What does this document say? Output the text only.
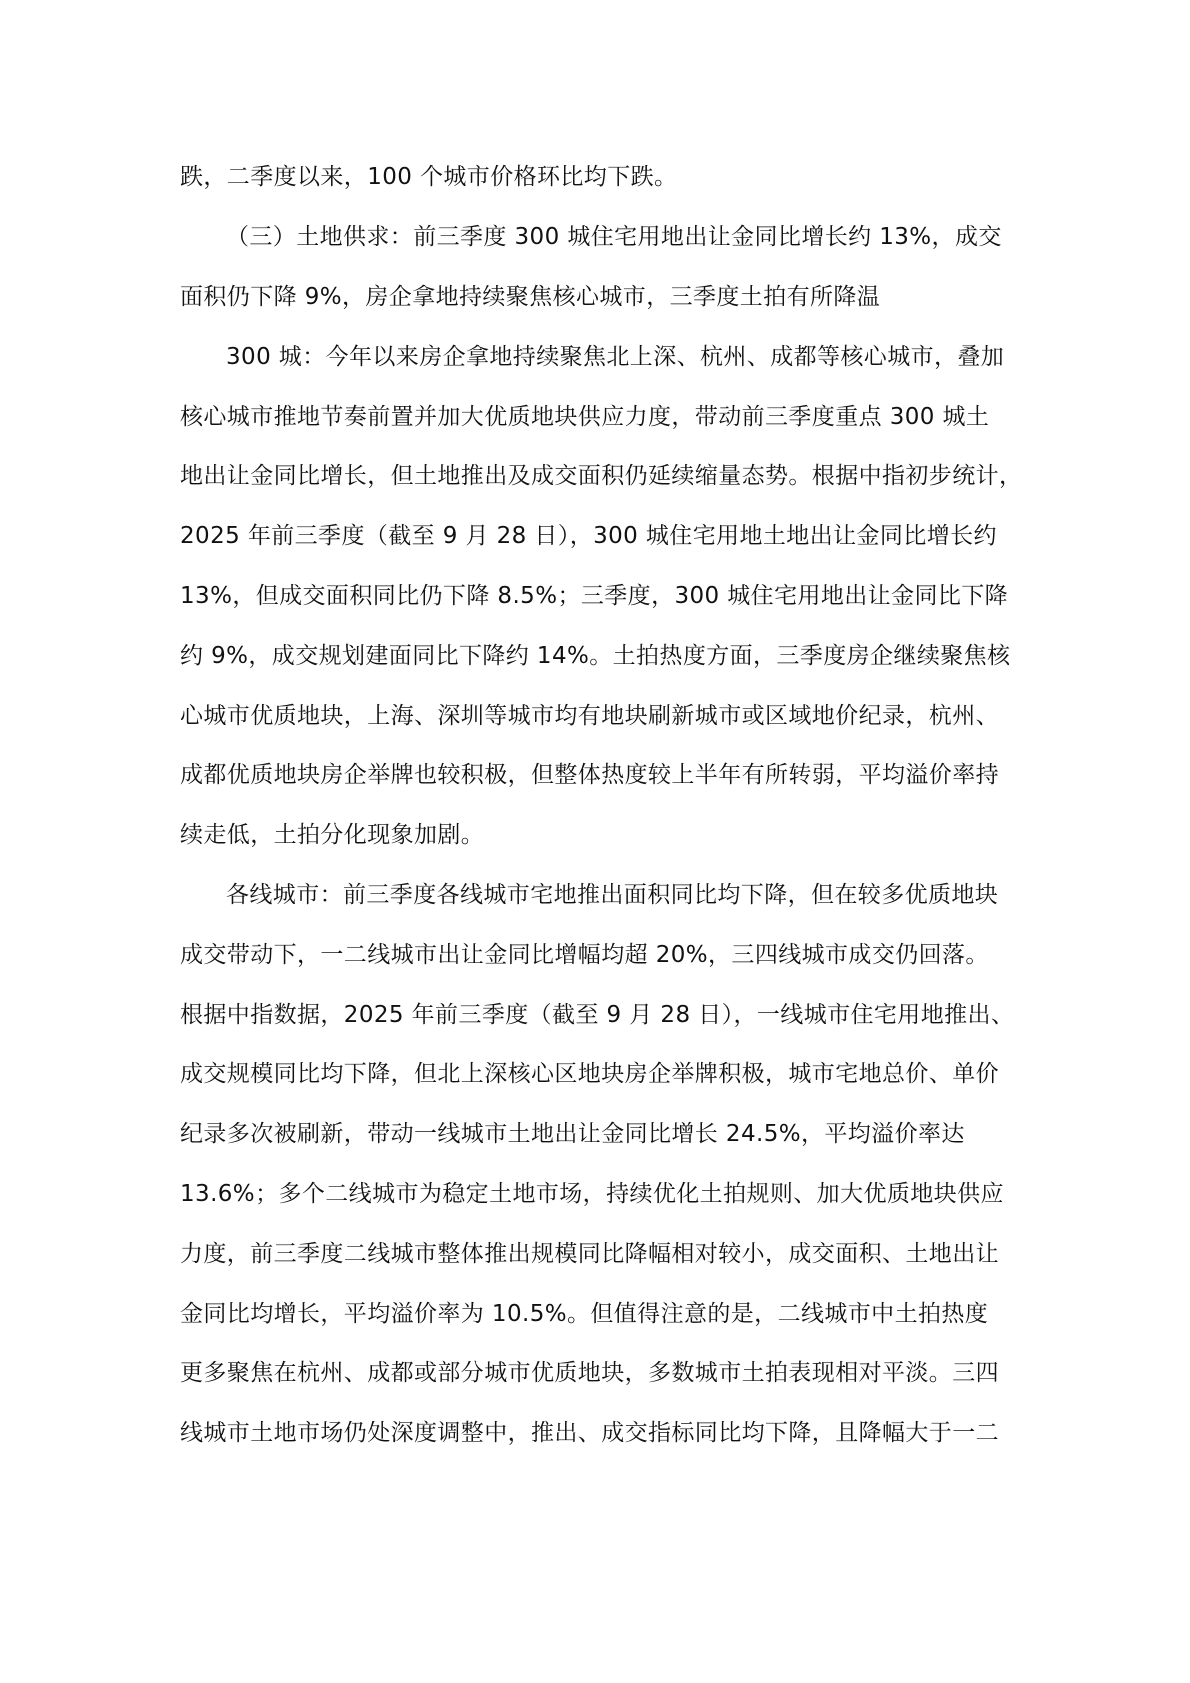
跌，二季度以来，100 个城市价格环比均下跌。
（三）土地供求：前三季度 300 城住宅用地出让金同比增长约 13%，成交
面积仍下降 9%，房企拿地持续聚焦核心城市，三季度土拍有所降温
300 城：今年以来房企拿地持续聚焦北上深、杭州、成都等核心城市，叠加
核心城市推地节奏前置并加大优质地块供应力度，带动前三季度重点 300 城土
地出让金同比增长，但土地推出及成交面积仍延续缩量态势。根据中指初步统计，
2025 年前三季度（截至 9 月 28 日），300 城住宅用地土地出让金同比增长约
13%，但成交面积同比仍下降 8.5%；三季度，300 城住宅用地出让金同比下降
约 9%，成交规划建面同比下降约 14%。土拍热度方面，三季度房企继续聚焦核
心城市优质地块，上海、深圳等城市均有地块刷新城市或区域地价纪录，杭州、
成都优质地块房企举牌也较积极，但整体热度较上半年有所转弱，平均溢价率持
续走低，土拍分化现象加剧。
各线城市：前三季度各线城市宅地推出面积同比均下降，但在较多优质地块
成交带动下，一二线城市出让金同比增幅均超 20%，三四线城市成交仍回落。
根据中指数据，2025 年前三季度（截至 9 月 28 日），一线城市住宅用地推出、
成交规模同比均下降，但北上深核心区地块房企举牌积极，城市宅地总价、单价
纪录多次被刷新，带动一线城市土地出让金同比增长 24.5%，平均溢价率达
13.6%；多个二线城市为稳定土地市场，持续优化土拍规则、加大优质地块供应
力度，前三季度二线城市整体推出规模同比降幅相对较小，成交面积、土地出让
金同比均增长，平均溢价率为 10.5%。但值得注意的是，二线城市中土拍热度
更多聚焦在杭州、成都或部分城市优质地块，多数城市土拍表现相对平淡。三四
线城市土地市场仍处深度调整中，推出、成交指标同比均下降，且降幅大于一二
